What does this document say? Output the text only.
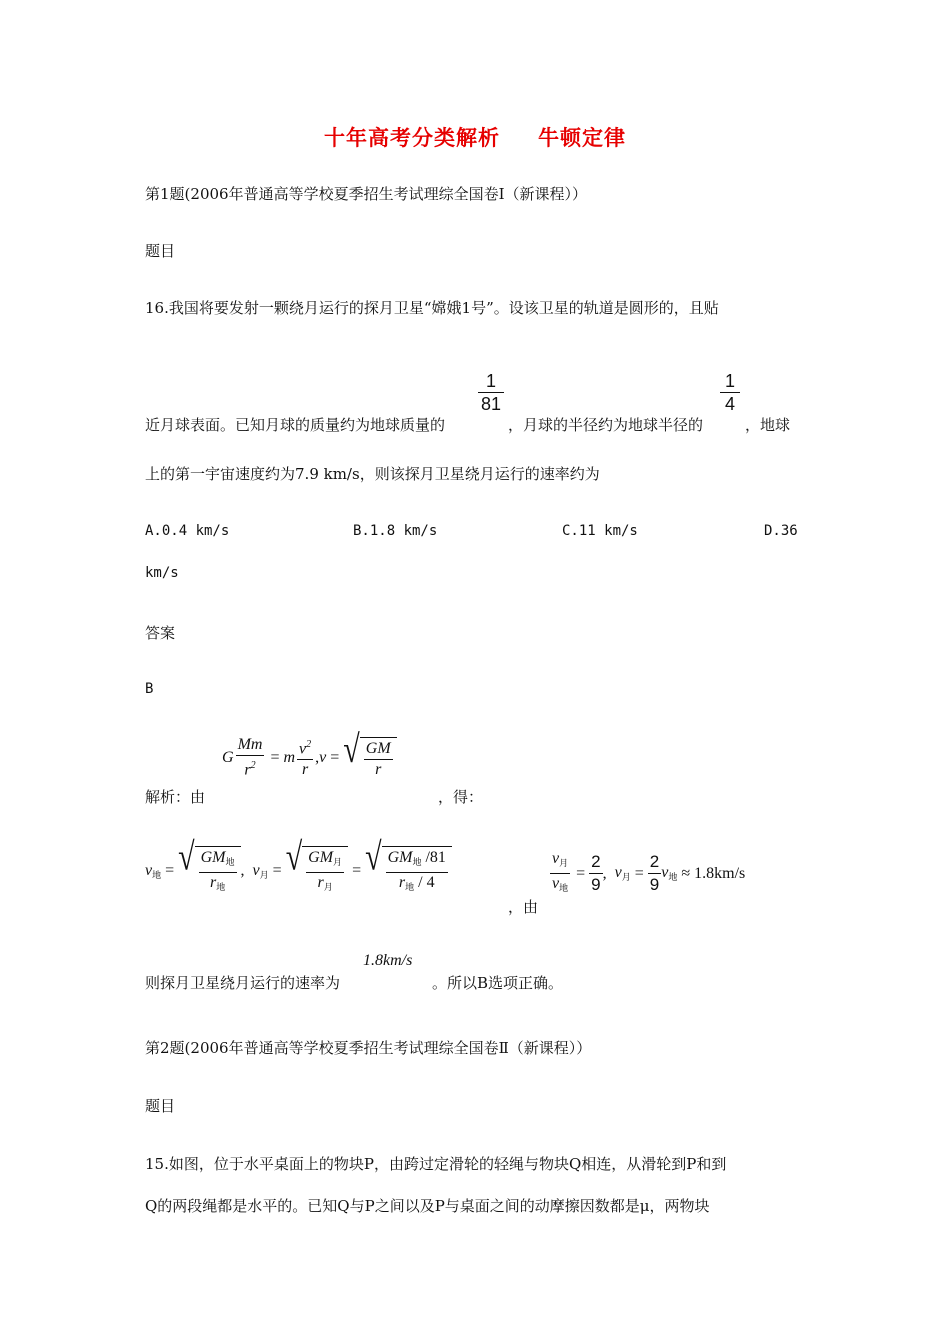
十年高考分类解析 牛顿定律
第1题(2006年普通高等学校夏季招生考试理综全国卷Ⅰ（新课程））
题目
16.我国将要发射一颗绕月运行的探月卫星“嫦娥1号”。设该卫星的轨道是圆形的，且贴
近月球表面。已知月球的质量约为地球质量的
1
81
，月球的半径约为地球半径的
1
4
，地球
上的第一宇宙速度约为7.9 km/s，则该探月卫星绕月运行的速率约为
A.0.4 km/s	B.1.8 km/s	C.11 km/s	D.36
km/s
答案
B
G $\frac{Mm}{r^2} = m \frac{v^2}{r}$ , v = √ $\frac{GM}{r}$
解析：由	，得：
$v_地$ = √ $\frac{GM_地}{r_地}$ , $v_月$ = √ $\frac{GM_月}{r_月}$ = √ $\frac{GM_地 /81}{r_地 / 4}$
，由
$\frac{v_月}{v_地} = \frac{2}{9}$ , $v_月 = \frac{2}{9} v_地 \approx 1.8km/s$
则探月卫星绕月运行的速率为
1.8km/s
。所以B选项正确。
第2题(2006年普通高等学校夏季招生考试理综全国卷Ⅱ（新课程））
题目
15.如图，位于水平桌面上的物块P，由跨过定滑轮的轻绳与物块Q相连，从滑轮到P和到
Q的两段绳都是水平的。已知Q与P之间以及P与桌面之间的动摩擦因数都是μ，两物块
